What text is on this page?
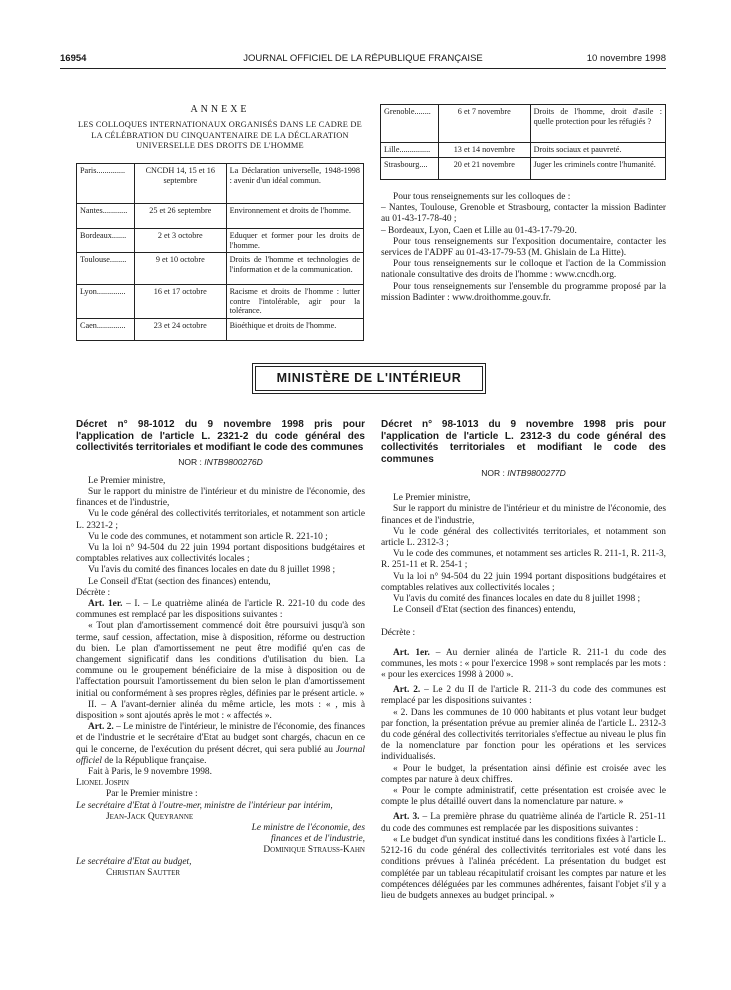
16954	JOURNAL OFFICIEL DE LA RÉPUBLIQUE FRANÇAISE	10 novembre 1998
ANNEXE
LES COLLOQUES INTERNATIONAUX ORGANISÉS DANS LE CADRE DE LA CÉLÉBRATION DU CINQUANTENAIRE DE LA DÉCLARATION UNIVERSELLE DES DROITS DE L'HOMME
Paris..............	CNCDH 14, 15 et 16 septembre	La Déclaration universelle, 1948-1998 : avenir d'un idéal commun.
Nantes............	25 et 26 septembre	Environnement et droits de l'homme.
Bordeaux.......	2 et 3 octobre	Eduquer et former pour les droits de l'homme.
Toulouse........	9 et 10 octobre	Droits de l'homme et technologies de l'information et de la communication.
Lyon..............	16 et 17 octobre	Racisme et droits de l'homme : lutter contre l'intolérable, agir pour la tolérance.
Caen..............	23 et 24 octobre	Bioéthique et droits de l'homme.
Grenoble........	6 et 7 novembre	Droits de l'homme, droit d'asile : quelle protection pour les réfugiés ?
Lille...............	13 et 14 novembre	Droits sociaux et pauvreté.
Strasbourg....	20 et 21 novembre	Juger les criminels contre l'humanité.

Pour tous renseignements sur les colloques de :

– Nantes, Toulouse, Grenoble et Strasbourg, contacter la mission Badinter au 01-43-17-78-40 ;

– Bordeaux, Lyon, Caen et Lille au 01-43-17-79-20.

Pour tous renseignements sur l'exposition documentaire, contacter les services de l'ADPF au 01-43-17-79-53 (M. Ghislain de La Hitte).

Pour tous renseignements sur le colloque et l'action de la Commission nationale consultative des droits de l'homme : www.cncdh.org.

Pour tous renseignements sur l'ensemble du programme proposé par la mission Badinter : www.droithomme.gouv.fr.

MINISTÈRE DE L'INTÉRIEUR

Décret n° 98-1012 du 9 novembre 1998 pris pour l'application de l'article L. 2321-2 du code général des collectivités territoriales et modifiant le code des communes

NOR : INTB9800276D

Le Premier ministre,

Sur le rapport du ministre de l'intérieur et du ministre de l'économie, des finances et de l'industrie,

Vu le code général des collectivités territoriales, et notamment son article L. 2321-2 ;

Vu le code des communes, et notamment son article R. 221-10 ;

Vu la loi n° 94-504 du 22 juin 1994 portant dispositions budgétaires et comptables relatives aux collectivités locales ;

Vu l'avis du comité des finances locales en date du 8 juillet 1998 ;

Le Conseil d'Etat (section des finances) entendu,

Décrète :

Art. 1er. – I. – Le quatrième alinéa de l'article R. 221-10 du code des communes est remplacé par les dispositions suivantes :

« Tout plan d'amortissement commencé doit être poursuivi jusqu'à son terme, sauf cession, affectation, mise à disposition, réforme ou destruction du bien. Le plan d'amortissement ne peut être modifié qu'en cas de changement significatif dans les conditions d'utilisation du bien. La commune ou le groupement bénéficiaire de la mise à disposition ou de l'affectation poursuit l'amortissement du bien selon le plan d'amortissement initial ou conformément à ses propres règles, définies par le présent article. »

II. – A l'avant-dernier alinéa du même article, les mots : « , mis à disposition » sont ajoutés après le mot : « affectés ».

Art. 2. – Le ministre de l'intérieur, le ministre de l'économie, des finances et de l'industrie et le secrétaire d'Etat au budget sont chargés, chacun en ce qui le concerne, de l'exécution du présent décret, qui sera publié au Journal officiel de la République française.

Fait à Paris, le 9 novembre 1998.

Lionel Jospin

Par le Premier ministre :

Le secrétaire d'Etat à l'outre-mer, ministre de l'intérieur par intérim,

Jean-Jack Queyranne

Le ministre de l'économie, des finances et de l'industrie,

Dominique Strauss-Kahn

Le secrétaire d'Etat au budget,

Christian Sautter

Décret n° 98-1013 du 9 novembre 1998 pris pour l'application de l'article L. 2312-3 du code général des collectivités territoriales et modifiant le code des communes

NOR : INTB9800277D

Le Premier ministre,

Sur le rapport du ministre de l'intérieur et du ministre de l'économie, des finances et de l'industrie,

Vu le code général des collectivités territoriales, et notamment son article L. 2312-3 ;

Vu le code des communes, et notamment ses articles R. 211-1, R. 211-3, R. 251-11 et R. 254-1 ;

Vu la loi n° 94-504 du 22 juin 1994 portant dispositions budgétaires et comptables relatives aux collectivités locales ;

Vu l'avis du comité des finances locales en date du 8 juillet 1998 ;

Le Conseil d'Etat (section des finances) entendu,

Décrète :

Art. 1er. – Au dernier alinéa de l'article R. 211-1 du code des communes, les mots : « pour l'exercice 1998 » sont remplacés par les mots : « pour les exercices 1998 à 2000 ».

Art. 2. – Le 2 du II de l'article R. 211-3 du code des communes est remplacé par les dispositions suivantes :

« 2. Dans les communes de 10 000 habitants et plus votant leur budget par fonction, la présentation prévue au premier alinéa de l'article L. 2312-3 du code général des collectivités territoriales s'effectue au niveau le plus fin de la nomenclature par fonction pour les opérations et les services individualisés.

« Pour le budget, la présentation ainsi définie est croisée avec les comptes par nature à deux chiffres.

« Pour le compte administratif, cette présentation est croisée avec le compte le plus détaillé ouvert dans la nomenclature par nature. »

Art. 3. – La première phrase du quatrième alinéa de l'article R. 251-11 du code des communes est remplacée par les dispositions suivantes :

« Le budget d'un syndicat institué dans les conditions fixées à l'article L. 5212-16 du code général des collectivités territoriales est voté dans les conditions prévues à l'alinéa précédent. La présentation du budget est complétée par un tableau récapitulatif croisant les comptes par nature et les compétences déléguées par les communes adhérentes, faisant l'objet s'il y a lieu de budgets annexes au budget principal. »
